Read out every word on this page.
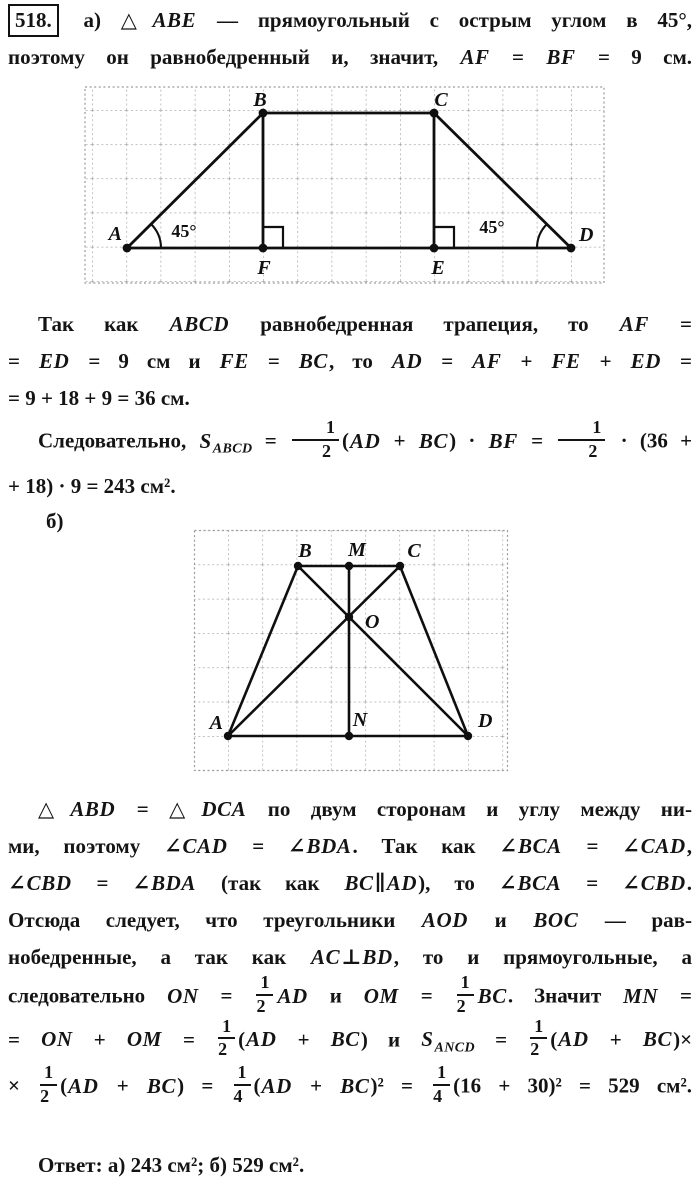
518. а) △ABE — прямоугольный с острым углом в 45°,
поэтому он равнобедренный и, значит, AF = BF = 9 см.
A
B	C
D
F	E
45°	45°
Так как ABCD равнобедренная трапеция, то AF =
= ED = 9 см и FE = BC, то AD = AF + FE + ED =
= 9 + 18 + 9 = 36 см.
Следовательно, $S_{ABCD} = \frac{1}{2} (AD + BC)$ · BF = $\frac{1}{2} \cdot (36$ +
+ 18) · 9 = 243 см².
б)
A
B M C
O
N	D
△ABD = △DCA по двум сторонам и углу между ни-
ми, поэтому ∠CAD = ∠BDA. Так как ∠BCA = ∠CAD,
∠CBD = ∠BDA (так как BC∥AD), то ∠BCA = ∠CBD.
Отсюда следует, что треугольники AOD и BOC — рав-
нобедренные, а так как AC⊥BD, то и прямоугольные, а
следовательно ON = $\frac{1}{2}$ AD и OM = $\frac{1}{2}$ BC. Значит MN =
= ON + OM = $\frac{1}{2} (AD + BC)$ и $S_{ANCD} = \frac{1}{2} (AD + BC)\times$
× $\frac{1}{2} (AD + BC) = \frac{1}{4} (AD + BC)^2 = \frac{1}{4} (16 + 30)^2 = 529$ см².
Ответ: а) 243 см²; б) 529 см².
